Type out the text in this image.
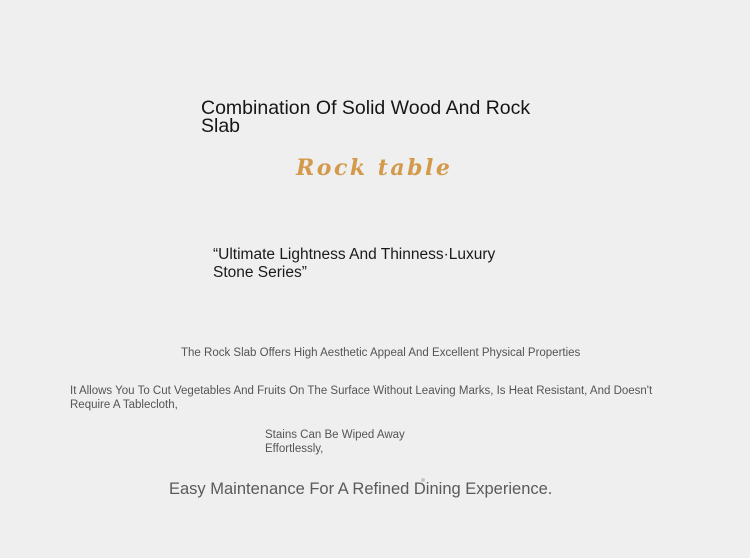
Combination Of Solid Wood And Rock Slab
Rock table

“Ultimate Lightness And Thinness·Luxury Stone Series”

The Rock Slab Offers High Aesthetic Appeal And Excellent Physical Properties

It Allows You To Cut Vegetables And Fruits On The Surface Without Leaving Marks, Is Heat Resistant, And Doesn't Require A Tablecloth,

Stains Can Be Wiped Away Effortlessly,

Easy Maintenance For A Refined Dining Experience.
